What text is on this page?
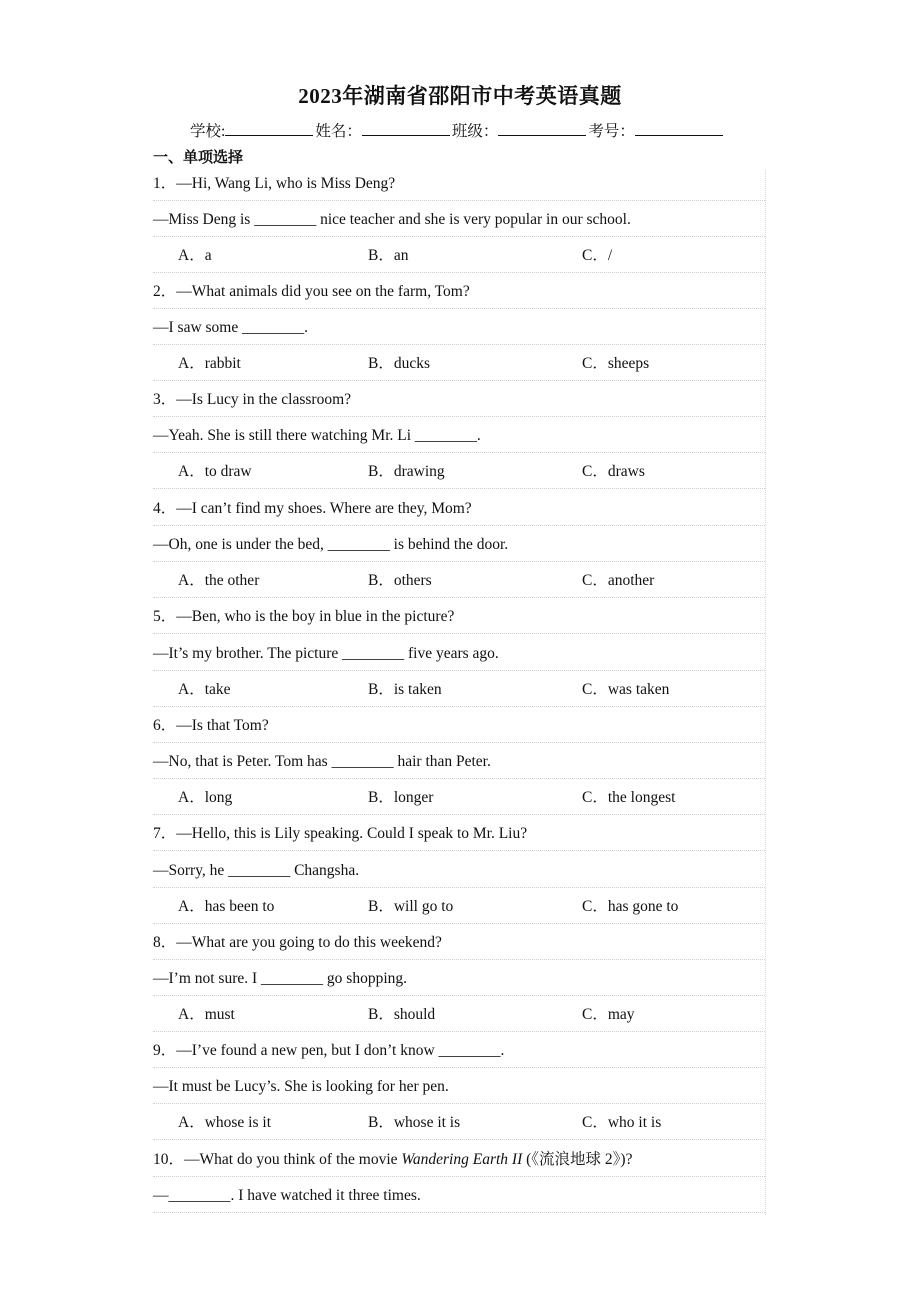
2023年湖南省邵阳市中考英语真题
学校:	姓名：	班级：	考号：
一、单项选择
1．—Hi, Wang Li, who is Miss Deng?
—Miss Deng is ________ nice teacher and she is very popular in our school.
A．a	B．an	C．/
2．—What animals did you see on the farm, Tom?
—I saw some ________.
A．rabbit	B．ducks	C．sheeps
3．—Is Lucy in the classroom?
—Yeah. She is still there watching Mr. Li ________.
A．to draw	B．drawing	C．draws
4．—I can’t find my shoes. Where are they, Mom?
—Oh, one is under the bed, ________ is behind the door.
A．the other	B．others	C．another
5．—Ben, who is the boy in blue in the picture?
—It’s my brother. The picture ________ five years ago.
A．take	B．is taken	C．was taken
6．—Is that Tom?
—No, that is Peter. Tom has ________ hair than Peter.
A．long	B．longer	C．the longest
7．—Hello, this is Lily speaking. Could I speak to Mr. Liu?
—Sorry, he ________ Changsha.
A．has been to	B．will go to	C．has gone to
8．—What are you going to do this weekend?
—I’m not sure. I ________ go shopping.
A．must	B．should	C．may
9．—I’ve found a new pen, but I don’t know ________.
—It must be Lucy’s. She is looking for her pen.
A．whose is it	B．whose it is	C．who it is
10．—What do you think of the movie Wandering Earth II (《流浪地球 2》)?
—________. I have watched it three times.
